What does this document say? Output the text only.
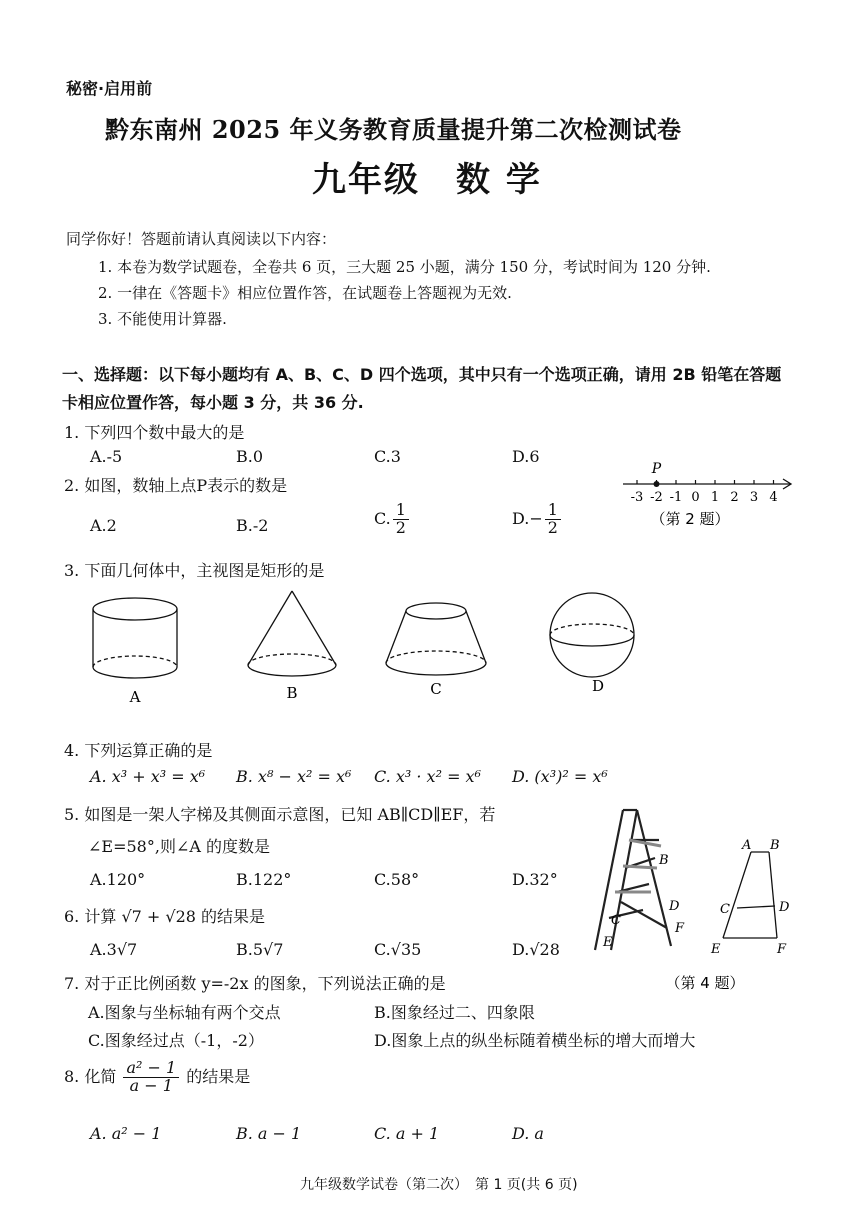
秘密·启用前
黔东南州 2025 年义务教育质量提升第二次检测试卷
九年级　数 学
同学你好！答题前请认真阅读以下内容：
1. 本卷为数学试题卷，全卷共 6 页，三大题 25 小题，满分 150 分，考试时间为 120 分钟.
2. 一律在《答题卡》相应位置作答，在试题卷上答题视为无效.
3. 不能使用计算器.
一、选择题：以下每小题均有 A、B、C、D 四个选项，其中只有一个选项正确，请用 2B 铅笔在答题
卡相应位置作答，每小题 3 分，共 36 分.
1. 下列四个数中最大的是
A.-5	B.0	C.3	D.6
2. 如图，数轴上点P表示的数是
A.2	B.-2	C. $\frac{1}{2}$	$D.- \frac{1}{2}$
-3 -2 -1 0 1 2 3 4
P
（第 2 题）
3. 下面几何体中，主视图是矩形的是
A	B	C	D
4. 下列运算正确的是
A. x³ + x³ = x⁶ B. x⁸ − x² = x⁶ C. x³ · x² = x⁶ D. (x³)² = x⁶
5. 如图是一架人字梯及其侧面示意图，已知 AB∥CD∥EF，若
∠E=58°,则∠A 的度数是
A.120°	B.122°	C.58°	D.32°
B
D
C
F
E
A B
C	D
E	F
（第 4 题）
6. 计算 √7 + √28 的结果是
A.3√7	B.5√7	C.√35	D.√28
7. 对于正比例函数 y=-2x 的图象，下列说法正确的是
A.图象与坐标轴有两个交点	B.图象经过二、四象限
C.图象经过点（-1，-2）	D.图象上点的纵坐标随着横坐标的增大而增大
8. 化简 $\frac{\text{a² − 1}}{a - 1}$ 的结果是
A. a² − 1	B. a − 1	C. a + 1	D. a
九年级数学试卷（第二次）　第 1 页(共 6 页)
